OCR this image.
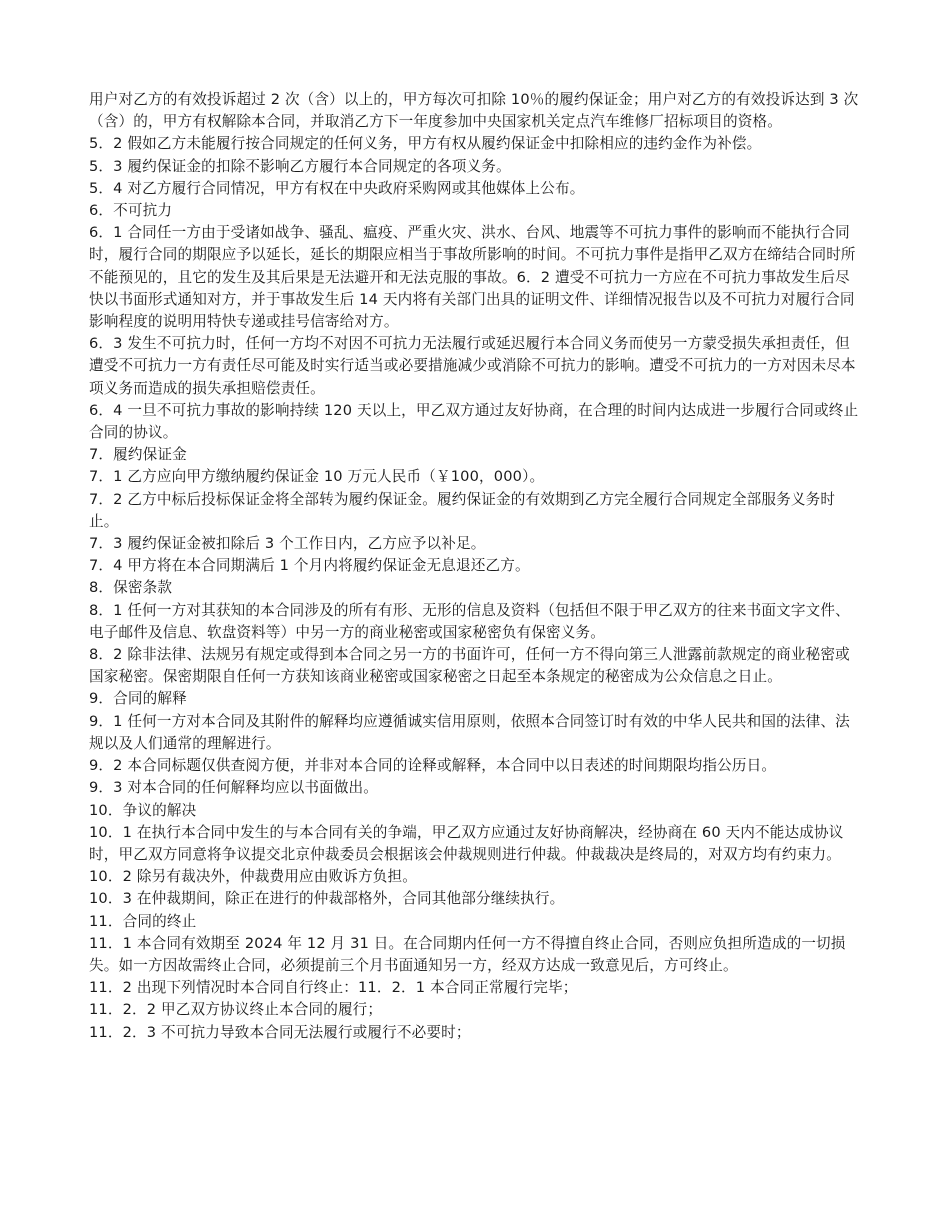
用户对乙方的有效投诉超过 2 次（含）以上的，甲方每次可扣除 10％的履约保证金；用户对乙方的有效投诉达到 3 次（含）的，甲方有权解除本合同，并取消乙方下一年度参加中央国家机关定点汽车维修厂招标项目的资格。

5．2 假如乙方未能履行按合同规定的任何义务，甲方有权从履约保证金中扣除相应的违约金作为补偿。

5．3 履约保证金的扣除不影响乙方履行本合同规定的各项义务。

5．4 对乙方履行合同情况，甲方有权在中央政府采购网或其他媒体上公布。

6．不可抗力

6．1 合同任一方由于受诸如战争、骚乱、瘟疫、严重火灾、洪水、台风、地震等不可抗力事件的影响而不能执行合同时，履行合同的期限应予以延长，延长的期限应相当于事故所影响的时间。不可抗力事件是指甲乙双方在缔结合同时所不能预见的，且它的发生及其后果是无法避开和无法克服的事故。6．2 遭受不可抗力一方应在不可抗力事故发生后尽快以书面形式通知对方，并于事故发生后 14 天内将有关部门出具的证明文件、详细情况报告以及不可抗力对履行合同影响程度的说明用特快专递或挂号信寄给对方。

6．3 发生不可抗力时，任何一方均不对因不可抗力无法履行或延迟履行本合同义务而使另一方蒙受损失承担责任，但遭受不可抗力一方有责任尽可能及时实行适当或必要措施减少或消除不可抗力的影响。遭受不可抗力的一方对因未尽本项义务而造成的损失承担赔偿责任。

6．4 一旦不可抗力事故的影响持续 120 天以上，甲乙双方通过友好协商，在合理的时间内达成进一步履行合同或终止合同的协议。

7．履约保证金

7．1 乙方应向甲方缴纳履约保证金 10 万元人民币（￥100，000）。

7．2 乙方中标后投标保证金将全部转为履约保证金。履约保证金的有效期到乙方完全履行合同规定全部服务义务时止。

7．3 履约保证金被扣除后 3 个工作日内，乙方应予以补足。

7．4 甲方将在本合同期满后 1 个月内将履约保证金无息退还乙方。

8．保密条款

8．1 任何一方对其获知的本合同涉及的所有有形、无形的信息及资料（包括但不限于甲乙双方的往来书面文字文件、电子邮件及信息、软盘资料等）中另一方的商业秘密或国家秘密负有保密义务。

8．2 除非法律、法规另有规定或得到本合同之另一方的书面许可，任何一方不得向第三人泄露前款规定的商业秘密或国家秘密。保密期限自任何一方获知该商业秘密或国家秘密之日起至本条规定的秘密成为公众信息之日止。

9．合同的解释

9．1 任何一方对本合同及其附件的解释均应遵循诚实信用原则，依照本合同签订时有效的中华人民共和国的法律、法规以及人们通常的理解进行。

9．2 本合同标题仅供查阅方便，并非对本合同的诠释或解释，本合同中以日表述的时间期限均指公历日。

9．3 对本合同的任何解释均应以书面做出。

10．争议的解决

10．1 在执行本合同中发生的与本合同有关的争端，甲乙双方应通过友好协商解决，经协商在 60 天内不能达成协议时，甲乙双方同意将争议提交北京仲裁委员会根据该会仲裁规则进行仲裁。仲裁裁决是终局的，对双方均有约束力。

10．2 除另有裁决外，仲裁费用应由败诉方负担。

10．3 在仲裁期间，除正在进行的仲裁部格外，合同其他部分继续执行。

11．合同的终止

11．1 本合同有效期至 2024 年 12 月 31 日。在合同期内任何一方不得擅自终止合同，否则应负担所造成的一切损失。如一方因故需终止合同，必须提前三个月书面通知另一方，经双方达成一致意见后，方可终止。

11．2 出现下列情况时本合同自行终止：11．2．1 本合同正常履行完毕；

11．2．2 甲乙双方协议终止本合同的履行；

11．2．3 不可抗力导致本合同无法履行或履行不必要时；
